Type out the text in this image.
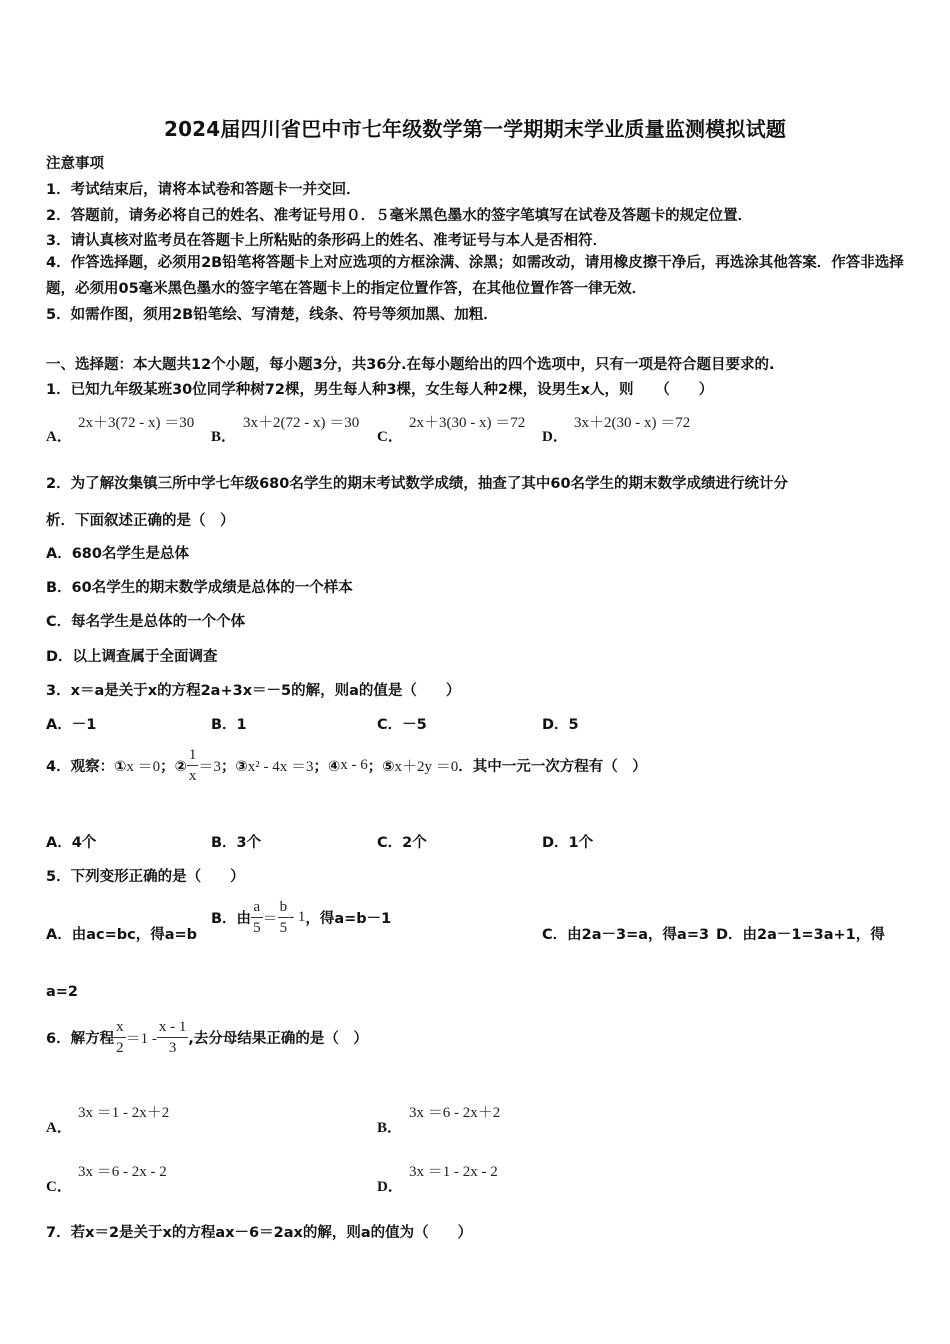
2024届四川省巴中市七年级数学第一学期期末学业质量监测模拟试题
注意事项
1．考试结束后，请将本试卷和答题卡一并交回．
2．答题前，请务必将自己的姓名、准考证号用０．５毫米黑色墨水的签字笔填写在试卷及答题卡的规定位置．
3．请认真核对监考员在答题卡上所粘贴的条形码上的姓名、准考证号与本人是否相符．
4．作答选择题，必须用2B铅笔将答题卡上对应选项的方框涂满、涂黑；如需改动，请用橡皮擦干净后，再选涂其他答案．作答非选择题，必须用05毫米黑色墨水的签字笔在答题卡上的指定位置作答，在其他位置作答一律无效．
5．如需作图，须用2B铅笔绘、写清楚，线条、符号等须加黑、加粗．
一、选择题：本大题共12个小题，每小题3分，共36分.在每小题给出的四个选项中，只有一项是符合题目要求的.
1．已知九年级某班30位同学种树72棵，男生每人种3棵，女生每人种2棵，设男生x人，则　　（　　）
A．
2x＋3(72 - x) ＝30
B．
3x＋2(72 - x) ＝30
C．
2x＋3(30 - x) ＝72
D．
3x＋2(30 - x) ＝72
2．为了解汝集镇三所中学七年级680名学生的期末考试数学成绩，抽查了其中60名学生的期末数学成绩进行统计分
析．下面叙述正确的是（　）
A．680名学生是总体
B．60名学生的期末数学成绩是总体的一个样本
C．每名学生是总体的一个个体
D．以上调查属于全面调查
3．x＝a是关于x的方程2a+3x＝－5的解，则a的值是（　　）
A．－1	B．1	C．－5	D．5
4．观察：①x ＝0；② $\frac{1}{x} =3$；③x² - 4x ＝3；④x - 6；⑤x＋2y ＝0．其中一元一次方程有（　）
A．4个	B．3个	C．2个	D．1个
5．下列变形正确的是（　　）
A．由ac=bc，得a=b
B．由 $\frac{a}{5} = \frac{b}{5} - 1$，得a=b－1
C．由2a－3=a，得a=3 D．由2a－1=3a+1，得
a=2
6．解方程 $\frac{x}{2} =1 - \frac{x - 1}{3}$ ,去分母结果正确的是（　）
A．
3x ＝1 - 2x＋2
B．
3x ＝6 - 2x＋2
C．
3x ＝6 - 2x - 2
D．
3x ＝1 - 2x - 2
7．若x＝2是关于x的方程ax－6＝2ax的解，则a的值为（　　）
